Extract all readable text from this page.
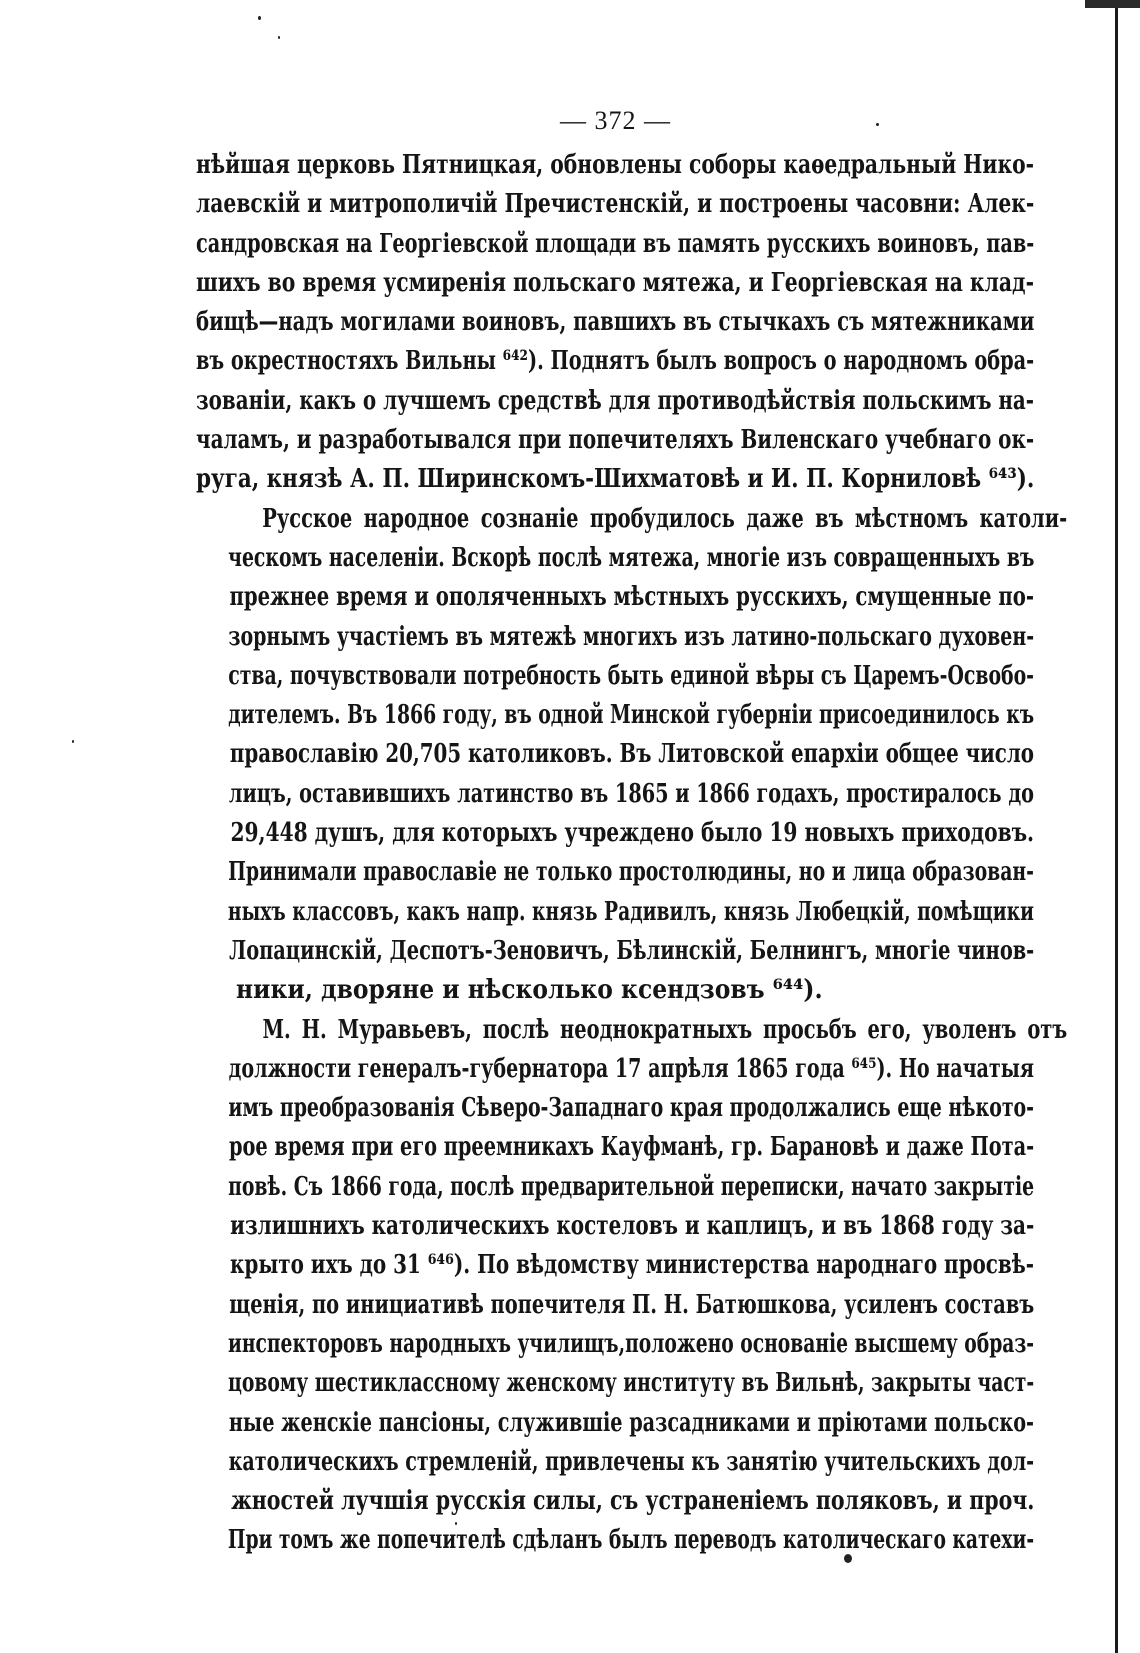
— 372 —

нѣйшая церковь Пятницкая, обновлены соборы каѳедральный Нико-
лаевскій и митрополичій Пречистенскій, и построены часовни: Алек-
сандровская на Георгіевской площади въ память русскихъ воиновъ, пав-
шихъ во время усмиренія польскаго мятежа, и Георгіевская на клад-
бищѣ—надъ могилами воиновъ, павшихъ въ стычкахъ съ мятежниками
въ окрестностяхъ Вильны ⁶⁴²). Поднятъ былъ вопросъ о народномъ обра-
зованіи, какъ о лучшемъ средствѣ для противодѣйствія польскимъ на-
чаламъ, и разработывался при попечителяхъ Виленскаго учебнаго ок-
руга, князѣ А. П. Ширинскомъ-Шихматовѣ и И. П. Корниловѣ ⁶⁴³).

Русское народное сознаніе пробудилось даже въ мѣстномъ католи-
ческомъ населеніи. Вскорѣ послѣ мятежа, многіе изъ совращенныхъ въ
прежнее время и ополяченныхъ мѣстныхъ русскихъ, смущенные по-
зорнымъ участіемъ въ мятежѣ многихъ изъ латино-польскаго духовен-
ства, почувствовали потребность быть единой вѣры съ Царемъ-Освобо-
дителемъ. Въ 1866 году, въ одной Минской губерніи присоединилось къ
православію 20,705 католиковъ. Въ Литовской епархіи общее число
лицъ, оставившихъ латинство въ 1865 и 1866 годахъ, простиралось до
29,448 душъ, для которыхъ учреждено было 19 новыхъ приходовъ.
Принимали православіе не только простолюдины, но и лица образован-
ныхъ классовъ, какъ напр. князь Радивилъ, князь Любецкій, помѣщики
Лопацинскій, Деспотъ-Зеновичъ, Бѣлинскій, Белнингъ, многіе чинов-
ники, дворяне и нѣсколько ксендзовъ ⁶⁴⁴).

М. Н. Муравьевъ, послѣ неоднократныхъ просьбъ его, уволенъ отъ
должности генералъ-губернатора 17 апрѣля 1865 года ⁶⁴⁵). Но начатыя
имъ преобразованія Сѣверо-Западнаго края продолжались еще нѣкото-
рое время при его преемникахъ Кауфманѣ, гр. Барановѣ и даже Пота-
повѣ. Съ 1866 года, послѣ предварительной переписки, начато закрытіе
излишнихъ католическихъ костеловъ и каплицъ, и въ 1868 году за-
крыто ихъ до 31 ⁶⁴⁶). По вѣдомству министерства народнаго просвѣ-
щенія, по инициативѣ попечителя П. Н. Батюшкова, усиленъ составъ
инспекторовъ народныхъ училищъ,положено основаніе высшему образ-
цовому шестиклассному женскому институту въ Вильнѣ, закрыты част-
ные женскіе пансіоны, служившіе разсадниками и пріютами польско-
католическихъ стремленій, привлечены къ занятію учительскихъ дол-
жностей лучшія русскія силы, съ устраненіемъ поляковъ, и проч.
При томъ же попечителѣ сдѣланъ былъ переводъ католическаго катехи-
